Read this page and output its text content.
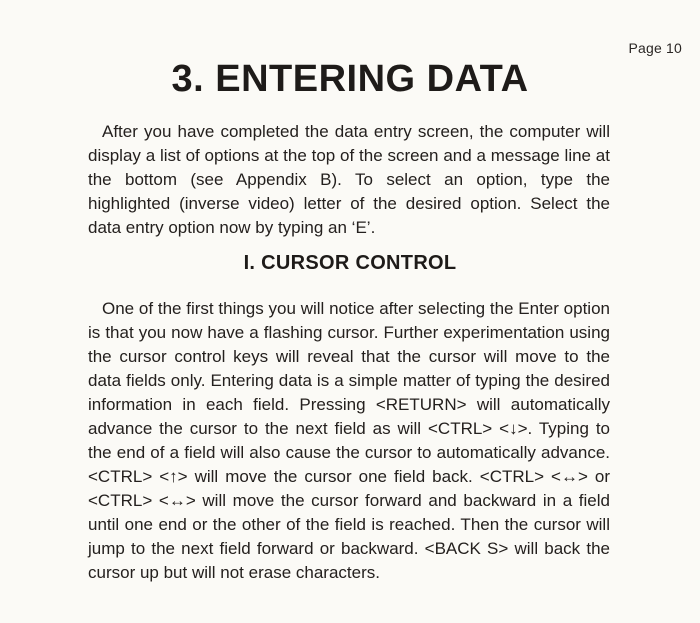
Page 10
3. ENTERING DATA

After you have completed the data entry screen, the computer will display a list of options at the top of the screen and a message line at the bottom (see Appendix B). To select an option, type the highlighted (inverse video) letter of the desired option. Select the data entry option now by typing an ‘E’.

I. CURSOR CONTROL

One of the first things you will notice after selecting the Enter option is that you now have a flashing cursor. Further experimentation using the cursor control keys will reveal that the cursor will move to the data fields only. Entering data is a simple matter of typing the desired information in each field. Pressing <RETURN> will automatically advance the cursor to the next field as will <CTRL> <↓>. Typing to the end of a field will also cause the cursor to automatically advance. <CTRL> <↑> will move the cursor one field back. <CTRL> <↔> or <CTRL> <↔> will move the cursor forward and backward in a field until one end or the other of the field is reached. Then the cursor will jump to the next field forward or backward. <BACK S> will back the cursor up but will not erase characters.
